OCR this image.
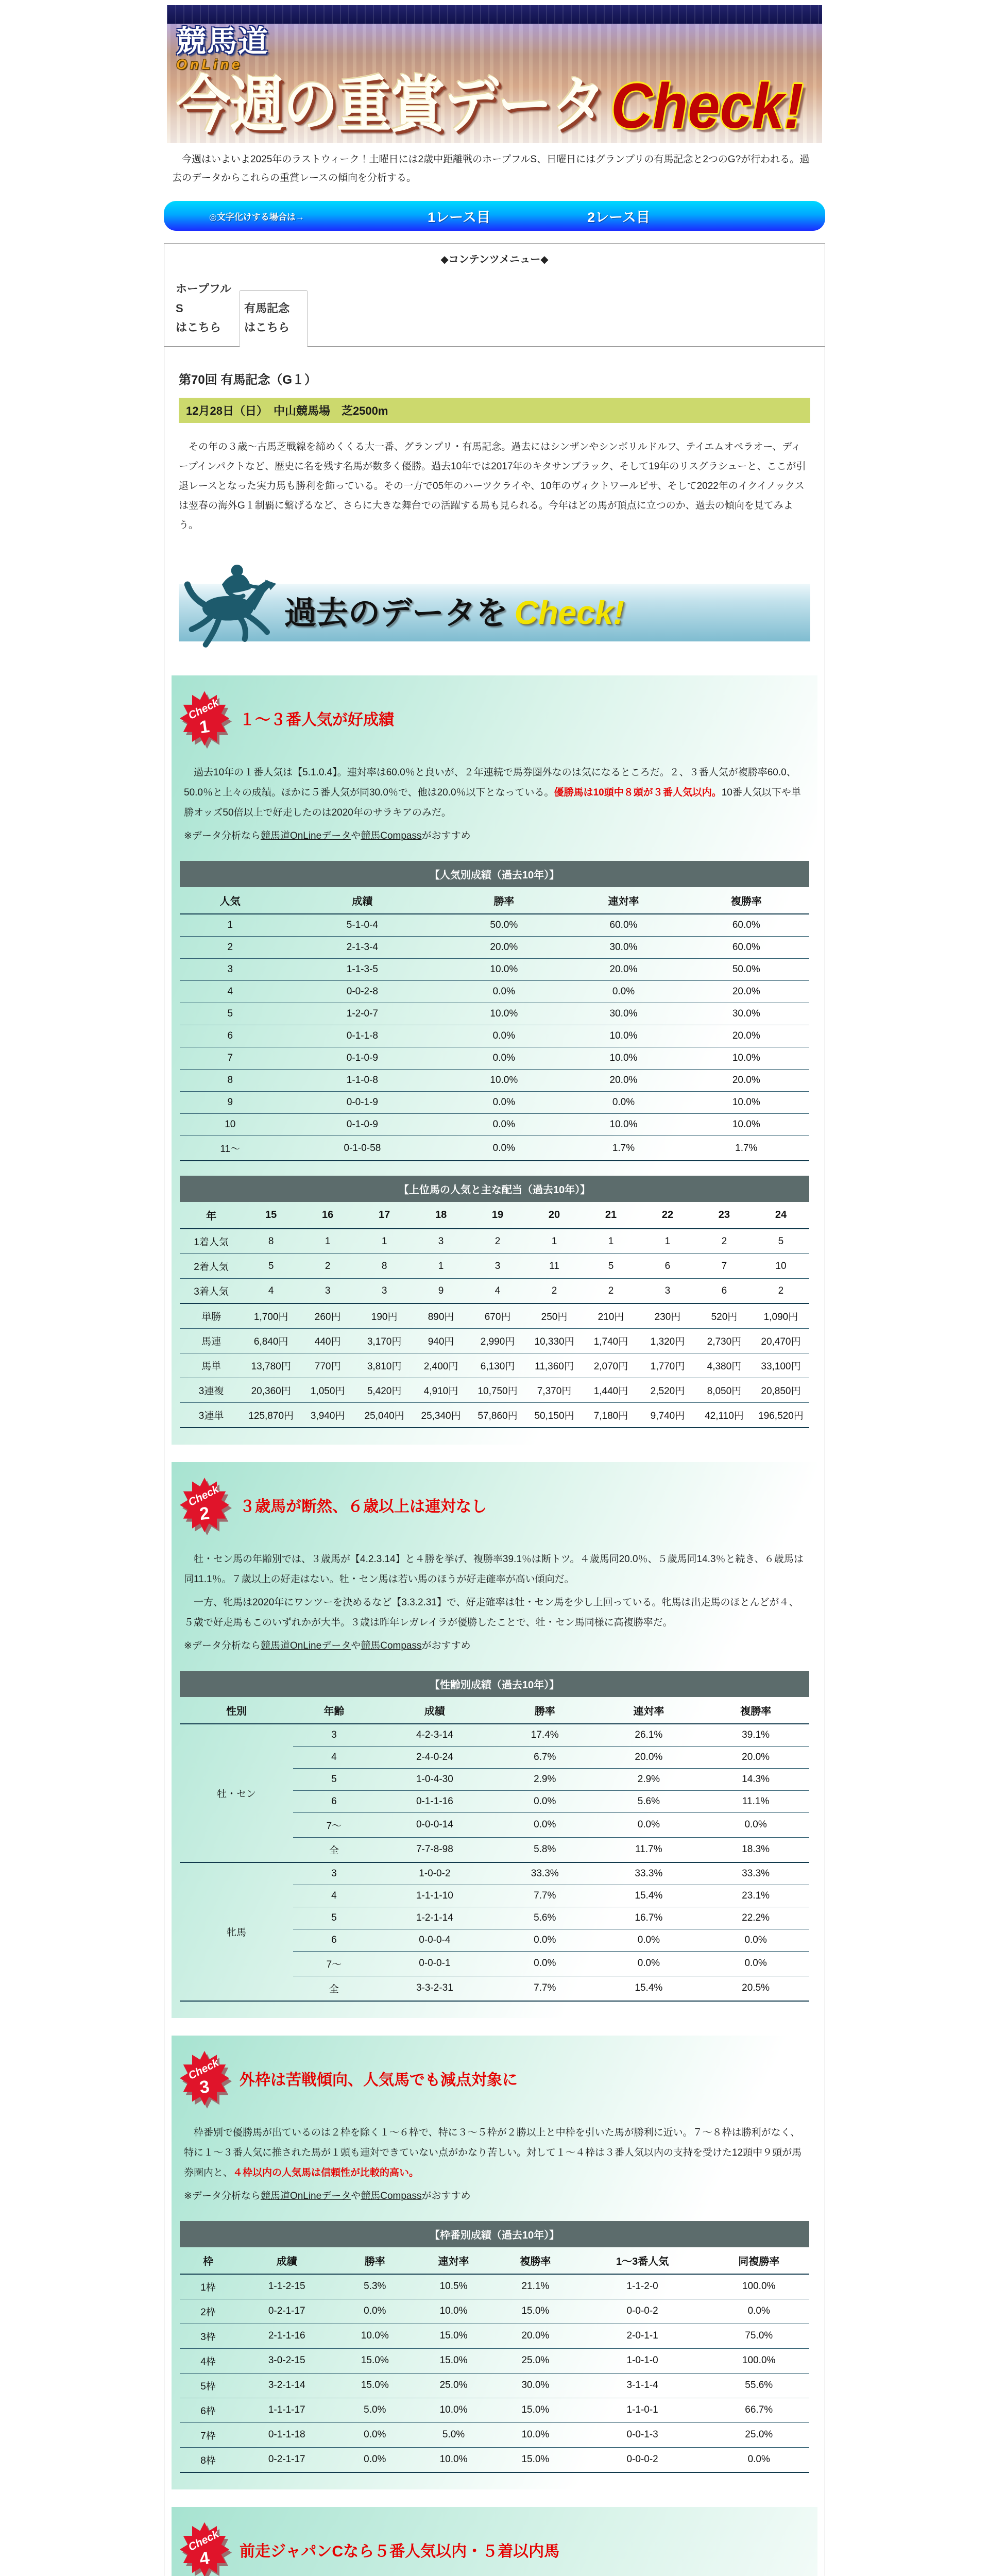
競馬道
OnLine
今週の重賞データ Check!

　今週はいよいよ2025年のラストウィーク！土曜日には2歳中距離戦のホープフルS、日曜日にはグランプリの有馬記念と2つのG?が行われる。過去のデータからこれらの重賞レースの傾向を分析する。

◎文字化けする場合は→	1レース目	2レース目
◆コンテンツメニュー◆
ホープフルS
はこちら
有馬記念
はこちら
第70回 有馬記念（G１）
12月28日（日）　中山競馬場　芝2500m

　その年の３歳～古馬芝戦線を締めくくる大一番、グランプリ・有馬記念。過去にはシンザンやシンボリルドルフ、テイエムオペラオー、ディープインパクトなど、歴史に名を残す名馬が数多く優勝。過去10年では2017年のキタサンブラック、そして19年のリスグラシューと、ここが引退レースとなった実力馬も勝利を飾っている。その一方で05年のハーツクライや、10年のヴィクトワールピサ、そして2022年のイクイノックスは翌春の海外G１制覇に繋げるなど、さらに大きな舞台での活躍する馬も見られる。今年はどの馬が頂点に立つのか、過去の傾向を見てみよう。

過去のデータを Check!
Check
1	１～３番人気が好成績
　過去10年の１番人気は【5.1.0.4】。連対率は60.0％と良いが、２年連続で馬券圏外なのは気になるところだ。２、３番人気が複勝率60.0、50.0％と上々の成績。ほかに５番人気が同30.0％で、他は20.0％以下となっている。優勝馬は10頭中８頭が３番人気以内。10番人気以下や単勝オッズ50倍以上で好走したのは2020年のサラキアのみだ。
※データ分析なら競馬道OnLineデータや競馬Compassがおすすめ
【人気別成績（過去10年）】
人気	成績	勝率	連対率	複勝率
1	5-1-0-4	50.0%	60.0%	60.0%
2	2-1-3-4	20.0%	30.0%	60.0%
3	1-1-3-5	10.0%	20.0%	50.0%
4	0-0-2-8	0.0%	0.0%	20.0%
5	1-2-0-7	10.0%	30.0%	30.0%
6	0-1-1-8	0.0%	10.0%	20.0%
7	0-1-0-9	0.0%	10.0%	10.0%
8	1-1-0-8	10.0%	20.0%	20.0%
9	0-0-1-9	0.0%	0.0%	10.0%
10	0-1-0-9	0.0%	10.0%	10.0%
11～	0-1-0-58	0.0%	1.7%	1.7%
【上位馬の人気と主な配当（過去10年）】
年	15	16	17	18	19	20	21	22	23	24
1着人気	8	1	1	3	2	1	1	1	2	5
2着人気	5	2	8	1	3	11	5	6	7	10
3着人気	4	3	3	9	4	2	2	3	6	2
単勝	1,700円	260円	190円	890円	670円	250円	210円	230円	520円	1,090円
馬連	6,840円	440円	3,170円	940円	2,990円	10,330円	1,740円	1,320円	2,730円	20,470円
馬単	13,780円	770円	3,810円	2,400円	6,130円	11,360円	2,070円	1,770円	4,380円	33,100円
3連複	20,360円	1,050円	5,420円	4,910円	10,750円	7,370円	1,440円	2,520円	8,050円	20,850円
3連単	125,870円	3,940円	25,040円	25,340円	57,860円	50,150円	7,180円	9,740円	42,110円	196,520円
Check
2	３歳馬が断然、６歳以上は連対なし
　牡・セン馬の年齢別では、３歳馬が【4.2.3.14】と４勝を挙げ、複勝率39.1％は断トツ。４歳馬同20.0％、５歳馬同14.3％と続き、６歳馬は同11.1％。７歳以上の好走はない。牡・セン馬は若い馬のほうが好走確率が高い傾向だ。
　一方、牝馬は2020年にワンツーを決めるなど【3.3.2.31】で、好走確率は牡・セン馬を少し上回っている。牝馬は出走馬のほとんどが４、５歳で好走馬もこのいずれかが大半。３歳は昨年レガレイラが優勝したことで、牡・セン馬同様に高複勝率だ。
※データ分析なら競馬道OnLineデータや競馬Compassがおすすめ
【性齢別成績（過去10年）】
性別	年齢	成績	勝率	連対率	複勝率
牡・セン	3	4-2-3-14	17.4%	26.1%	39.1%
	4	2-4-0-24	6.7%	20.0%	20.0%
	5	1-0-4-30	2.9%	2.9%	14.3%
	6	0-1-1-16	0.0%	5.6%	11.1%
	7～	0-0-0-14	0.0%	0.0%	0.0%
	全	7-7-8-98	5.8%	11.7%	18.3%
牝馬	3	1-0-0-2	33.3%	33.3%	33.3%
	4	1-1-1-10	7.7%	15.4%	23.1%
	5	1-2-1-14	5.6%	16.7%	22.2%
	6	0-0-0-4	0.0%	0.0%	0.0%
	7～	0-0-0-1	0.0%	0.0%	0.0%
	全	3-3-2-31	7.7%	15.4%	20.5%
Check
3	外枠は苦戦傾向、人気馬でも減点対象に
　枠番別で優勝馬が出ているのは２枠を除く１～６枠で、特に３～５枠が２勝以上と中枠を引いた馬が勝利に近い。７～８枠は勝利がなく、特に１～３番人気に推された馬が１頭も連対できていない点がかなり苦しい。対して１～４枠は３番人気以内の支持を受けた12頭中９頭が馬券圏内と、４枠以内の人気馬は信頼性が比較的高い。
※データ分析なら競馬道OnLineデータや競馬Compassがおすすめ
【枠番別成績（過去10年）】
枠	成績	勝率	連対率	複勝率	1～3番人気	同複勝率
1枠	1-1-2-15	5.3%	10.5%	21.1%	1-1-2-0	100.0%
2枠	0-2-1-17	0.0%	10.0%	15.0%	0-0-0-2	0.0%
3枠	2-1-1-16	10.0%	15.0%	20.0%	2-0-1-1	75.0%
4枠	3-0-2-15	15.0%	15.0%	25.0%	1-0-1-0	100.0%
5枠	3-2-1-14	15.0%	25.0%	30.0%	3-1-1-4	55.6%
6枠	1-1-1-17	5.0%	10.0%	15.0%	1-1-0-1	66.7%
7枠	0-1-1-18	0.0%	5.0%	10.0%	0-0-1-3	25.0%
8枠	0-2-1-17	0.0%	10.0%	15.0%	0-0-0-2	0.0%
Check
4	前走ジャパンCなら５番人気以内・５着以内馬
